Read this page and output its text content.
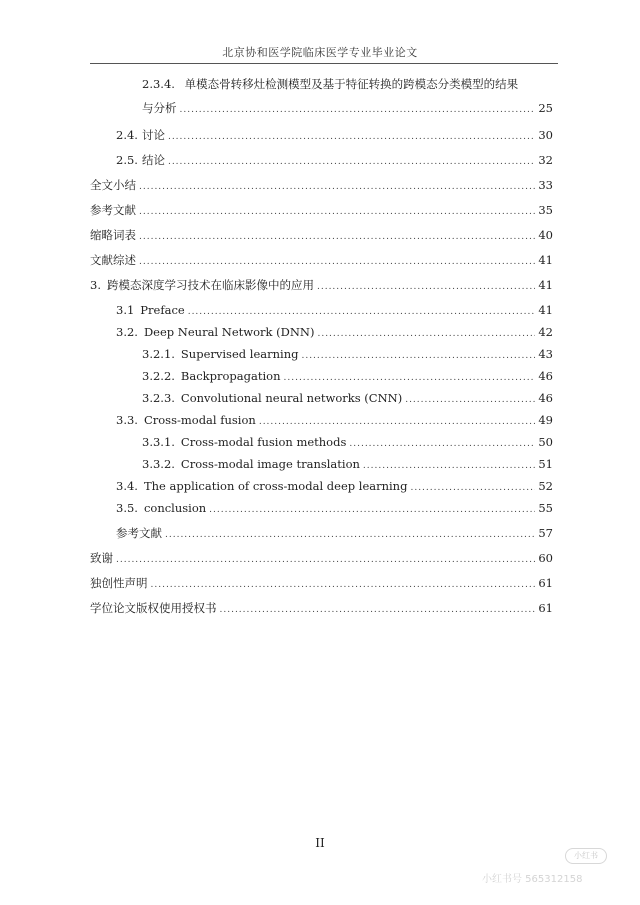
北京协和医学院临床医学专业毕业论文
2.3.4. 单模态骨转移灶检测模型及基于特征转换的跨模态分类模型的结果
与分析 .....	25
2.4. 讨论 .....	30
2.5. 结论 .....	32
全文小结 .....	33
参考文献 .....	35
缩略词表 .....	40
文献综述 .....	41
3. 跨模态深度学习技术在临床影像中的应用 .....	41
3.1 Preface .....	41
3.2. Deep Neural Network (DNN) .....	42
3.2.1. Supervised learning .....	43
3.2.2. Backpropagation .....	46
3.2.3. Convolutional neural networks (CNN) .....	46
3.3. Cross-modal fusion .....	49
3.3.1. Cross-modal fusion methods .....	50
3.3.2. Cross-modal image translation .....	51
3.4. The application of cross-modal deep learning .....	52
3.5. conclusion .....	55
参考文献 .....	57
致谢 .....	60
独创性声明 .....	61
学位论文版权使用授权书 .....	61
II
小红书
小红书号 565312158
